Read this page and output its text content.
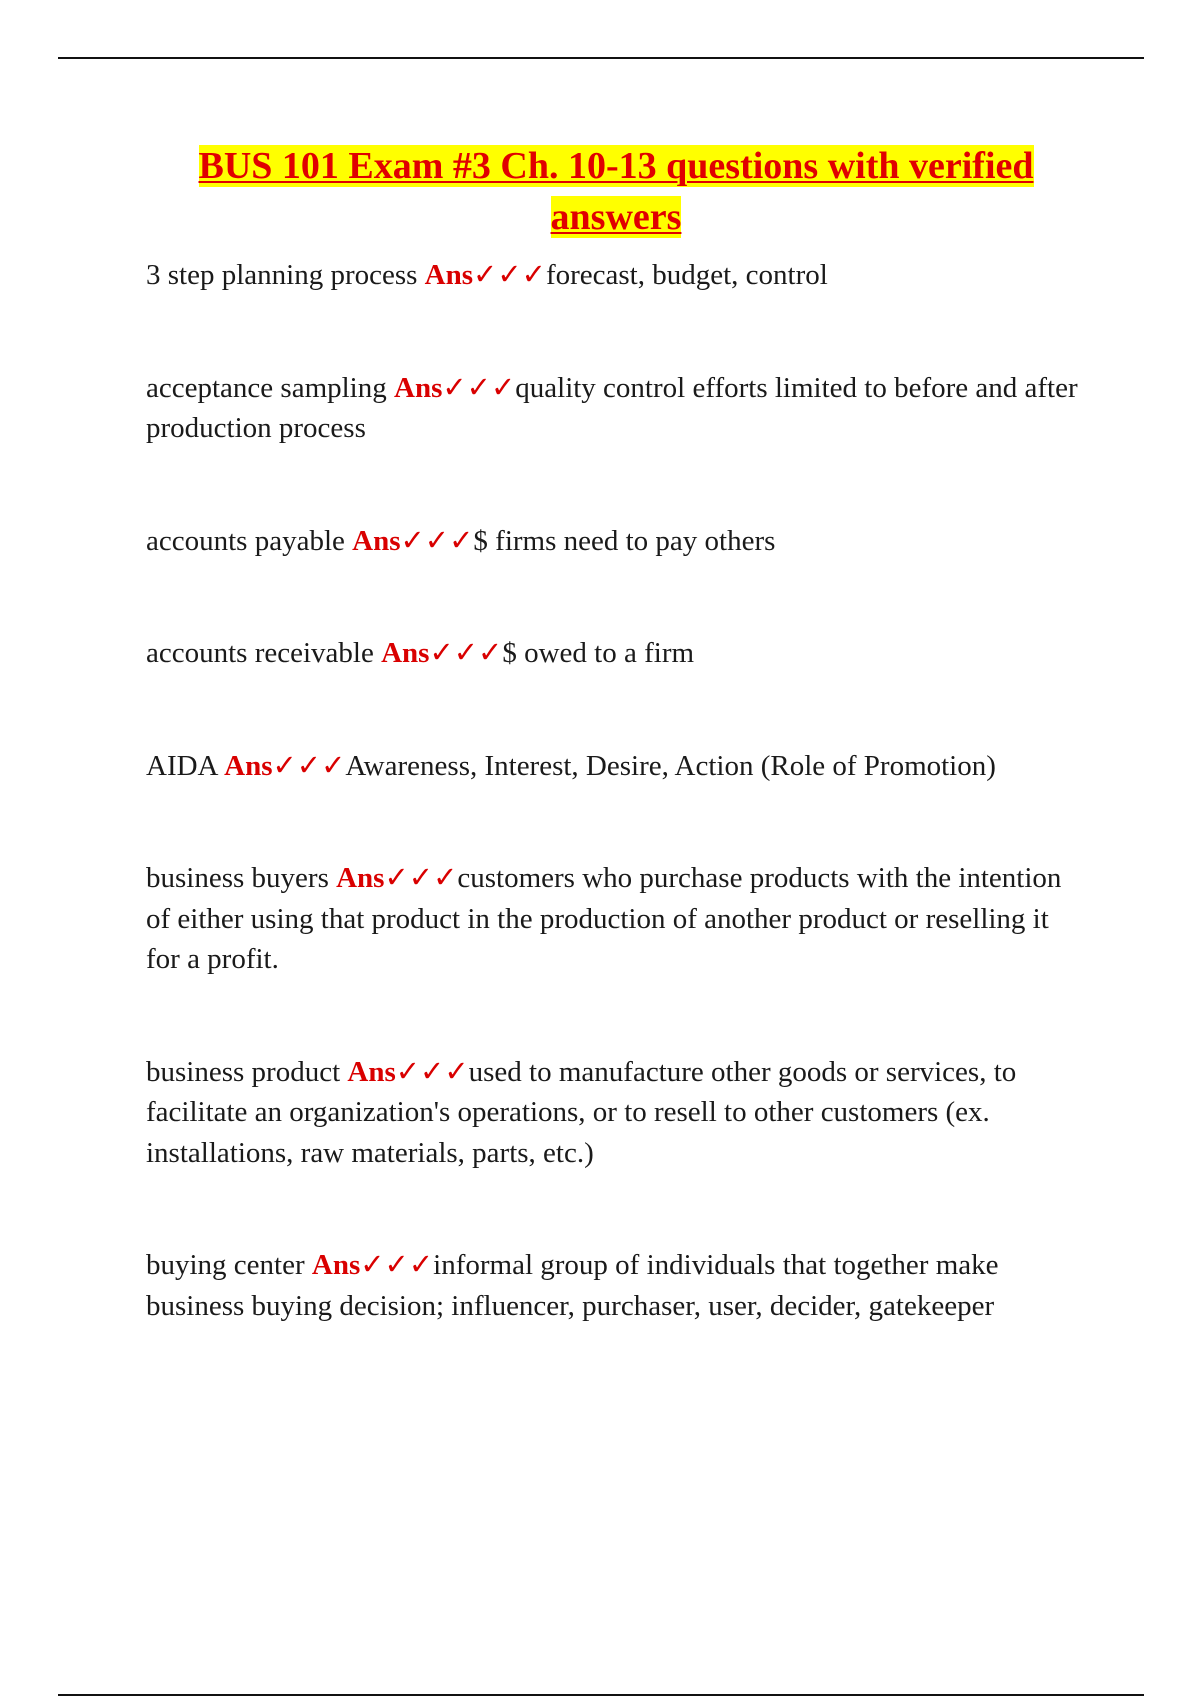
BUS 101 Exam #3 Ch. 10-13 questions with verified answers

3 step planning process Ans✓✓✓forecast, budget, control

acceptance sampling Ans✓✓✓quality control efforts limited to before and after production process

accounts payable Ans✓✓✓$ firms need to pay others

accounts receivable Ans✓✓✓$ owed to a firm

AIDA Ans✓✓✓Awareness, Interest, Desire, Action (Role of Promotion)

business buyers Ans✓✓✓customers who purchase products with the intention of either using that product in the production of another product or reselling it for a profit.

business product Ans✓✓✓used to manufacture other goods or services, to facilitate an organization's operations, or to resell to other customers (ex. installations, raw materials, parts, etc.)

buying center Ans✓✓✓informal group of individuals that together make business buying decision; influencer, purchaser, user, decider, gatekeeper
